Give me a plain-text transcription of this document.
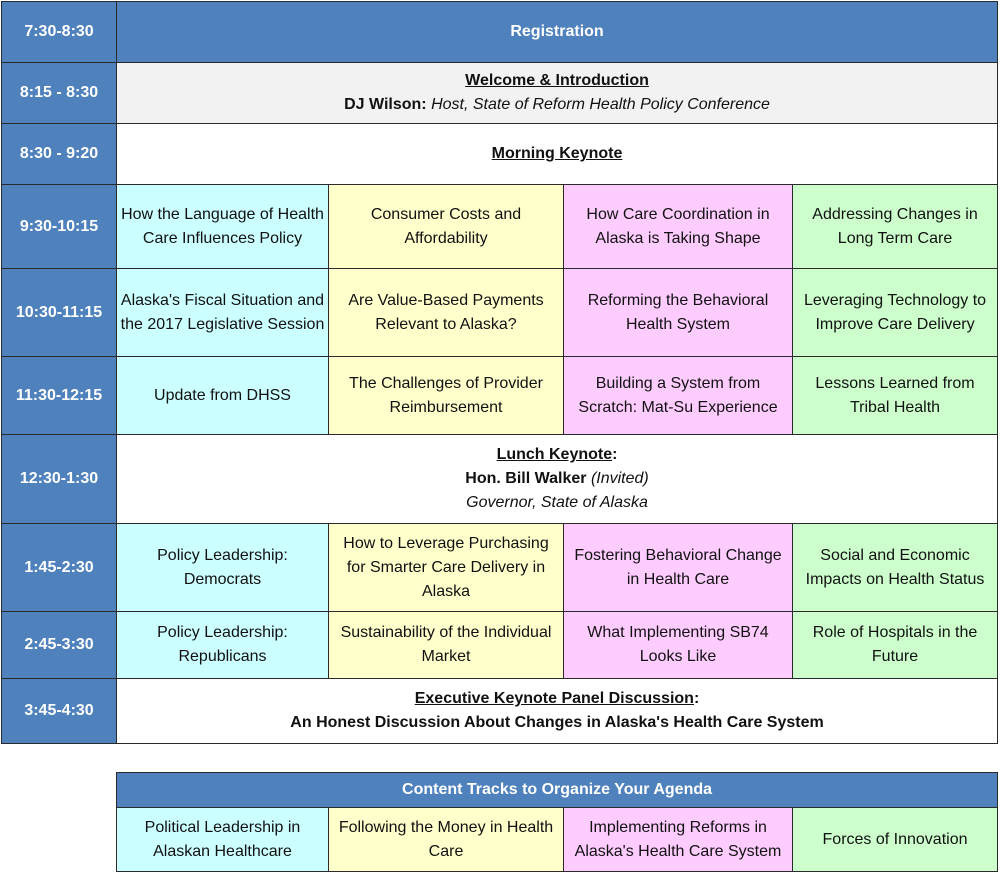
7:30-8:30	Registration			
8:15 - 8:30	Welcome & Introduction
DJ Wilson: Host, State of Reform Health Policy Conference			

8:30 - 9:20	Morning Keynote			
9:30-10:15	How the Language of Health Care Influences Policy	Consumer Costs and Affordability	How Care Coordination in Alaska is Taking Shape	Addressing Changes in Long Term Care
10:30-11:15	Alaska's Fiscal Situation and the 2017 Legislative Session	Are Value-Based Payments Relevant to Alaska?	Reforming the Behavioral Health System	Leveraging Technology to Improve Care Delivery
11:30-12:15	Update from DHSS	The Challenges of Provider Reimbursement	Building a System from Scratch: Mat-Su Experience	Lessons Learned from Tribal Health
12:30-1:30	Lunch Keynote:
Hon. Bill Walker (Invited)
Governor, State of Alaska			

1:45-2:30	Policy Leadership: Democrats	How to Leverage Purchasing for Smarter Care Delivery in Alaska	Fostering Behavioral Change in Health Care	Social and Economic Impacts on Health Status
2:45-3:30	Policy Leadership: Republicans	Sustainability of the Individual Market	What Implementing SB74 Looks Like	Role of Hospitals in the Future
3:45-4:30	Executive Keynote Panel Discussion:
An Honest Discussion About Changes in Alaska's Health Care System			
Content Tracks to Organize Your Agenda
Political Leadership in Alaskan Healthcare	Following the Money in Health Care	Implementing Reforms in Alaska's Health Care System	Forces of Innovation
